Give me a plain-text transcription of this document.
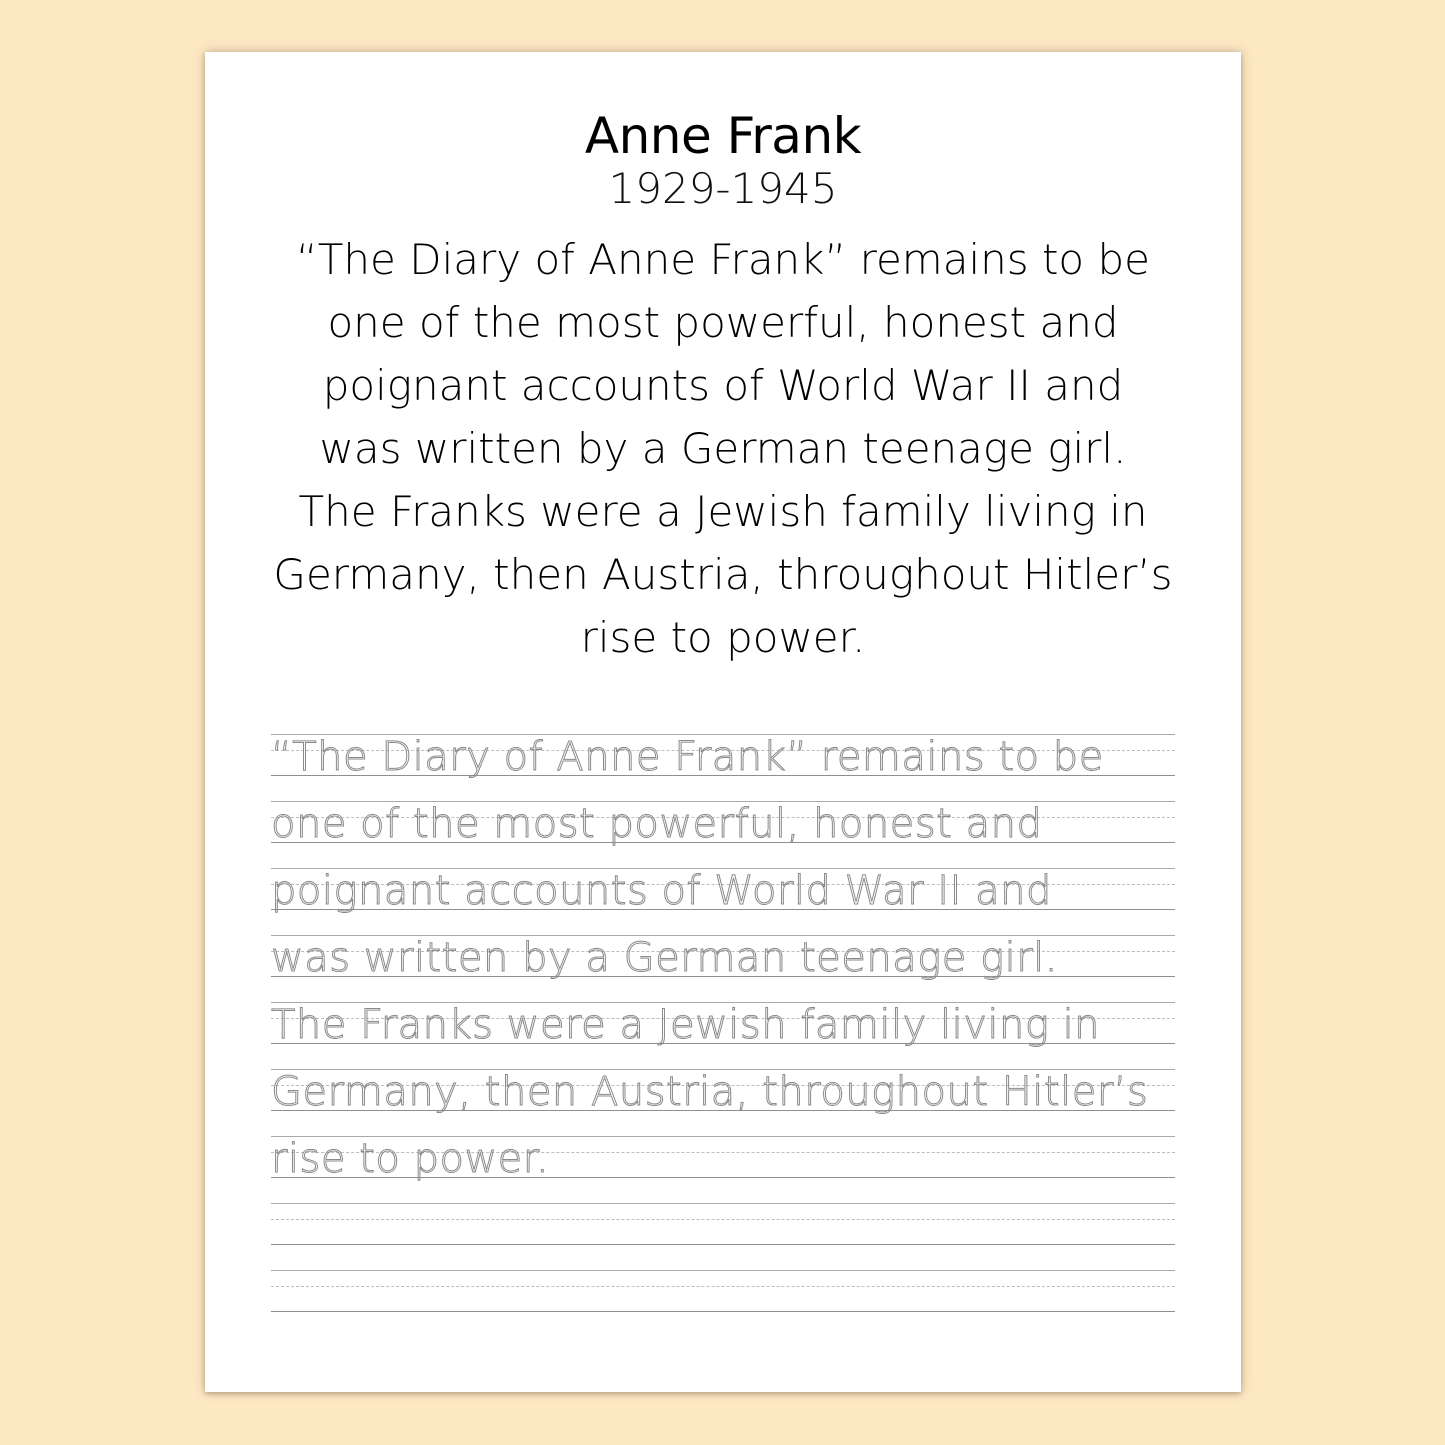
Anne Frank
1929-1945
“The Diary of Anne Frank” remains to be
one of the most powerful, honest and
poignant accounts of World War II and
was written by a German teenage girl.
The Franks were a Jewish family living in
Germany, then Austria, throughout Hitler’s
rise to power.
“The Diary of Anne Frank” remains to be
one of the most powerful, honest and
poignant accounts of World War II and
was written by a German teenage girl.
The Franks were a Jewish family living in
Germany, then Austria, throughout Hitler’s
rise to power.
